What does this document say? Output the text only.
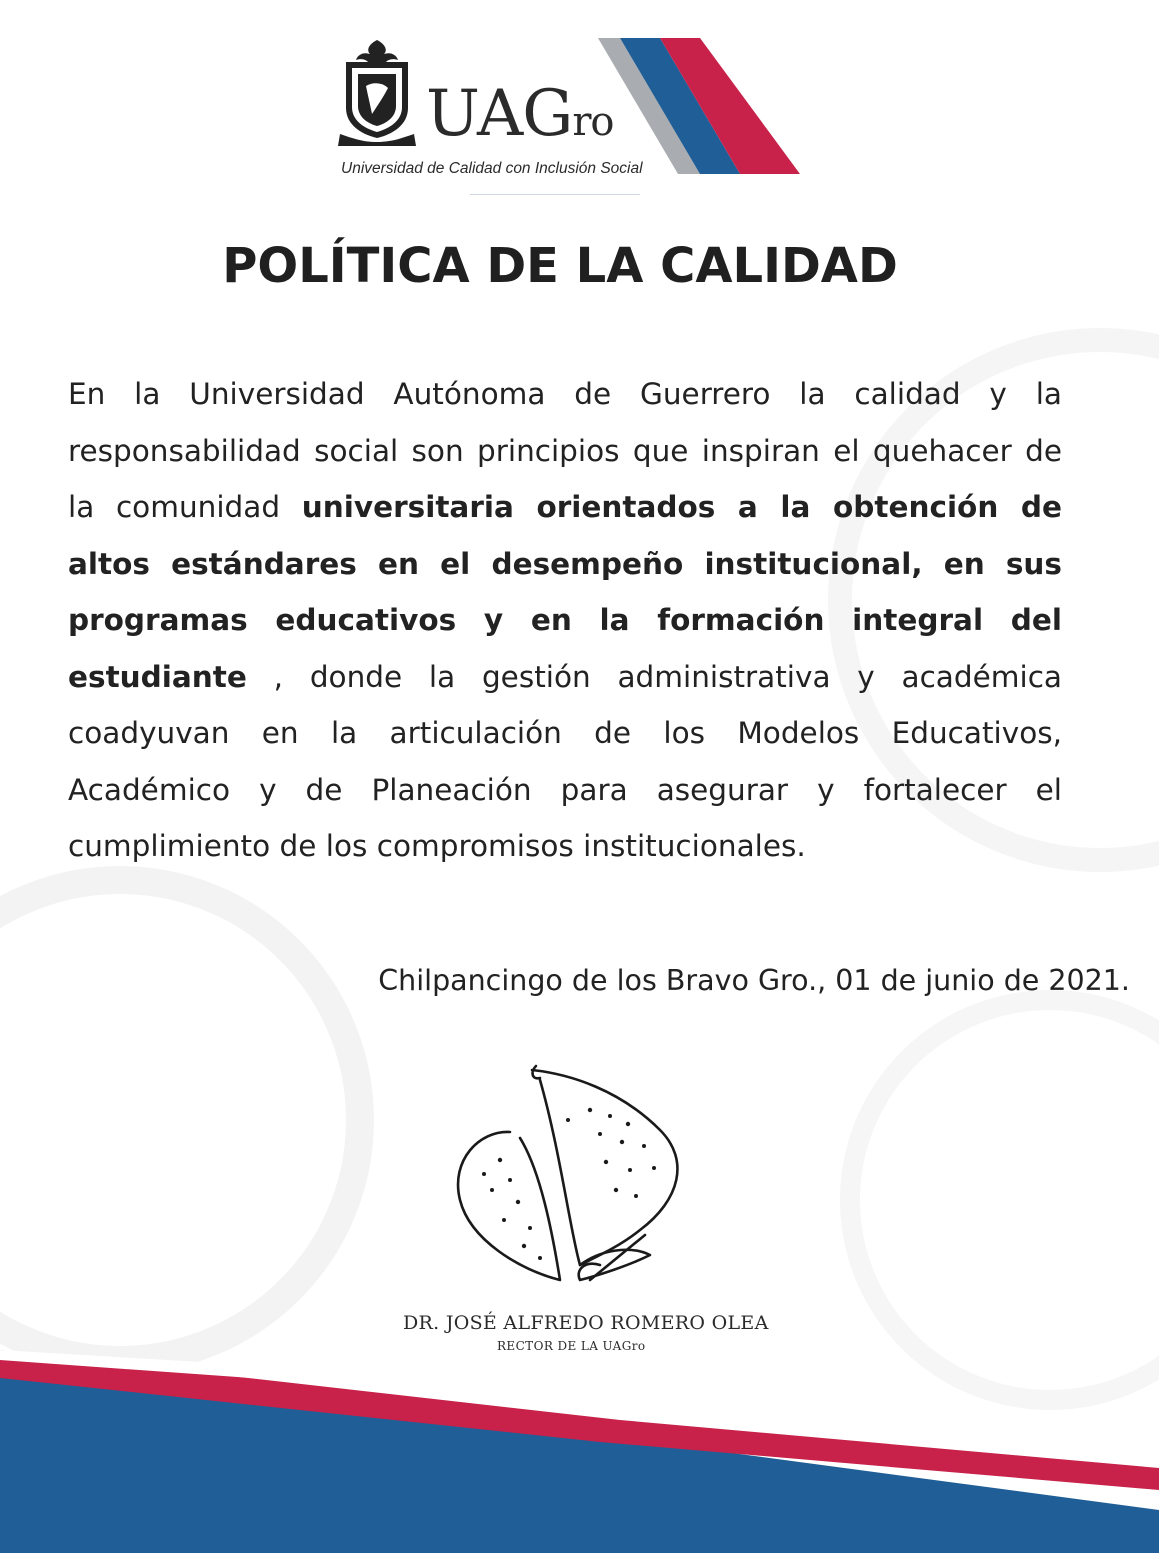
UAGro
Universidad de Calidad con Inclusión Social
POLÍTICA DE LA CALIDAD
En la Universidad Autónoma de Guerrero la calidad y la responsabilidad social son principios que inspiran el quehacer de la comunidad universitaria orientados a la obtención de altos estándares en el desempeño institucional, en sus programas educativos y en la formación integral del estudiante , donde la gestión administrativa y académica coadyuvan en la articulación de los Modelos Educativos, Académico y de Planeación para asegurar y fortalecer el cumplimiento de los compromisos institucionales.
Chilpancingo de los Bravo Gro., 01 de junio de 2021.
DR. JOSÉ ALFREDO ROMERO OLEA
RECTOR DE LA UAGro
